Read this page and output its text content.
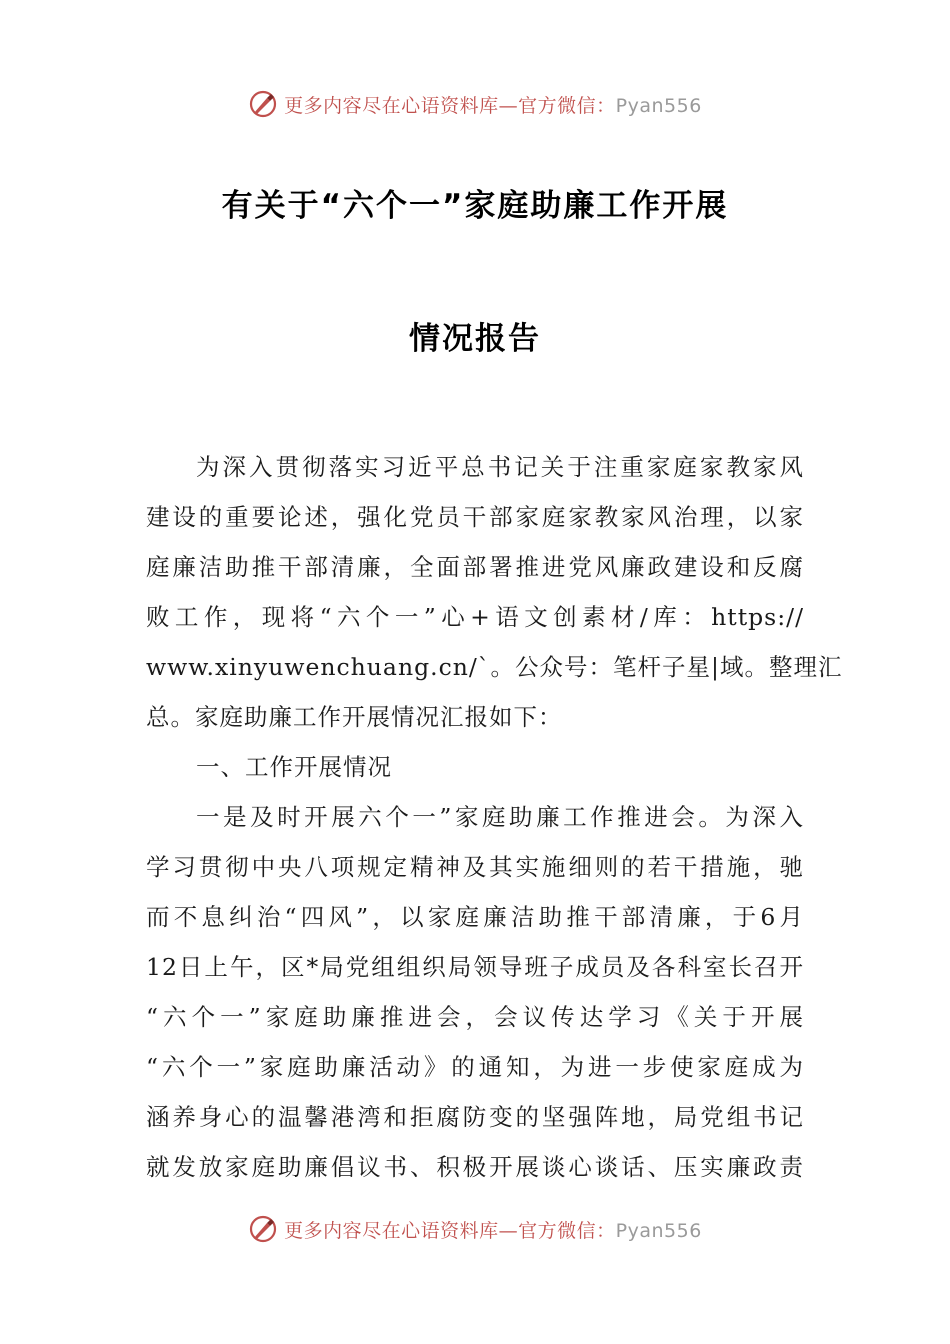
更多内容尽在心语资料库—官方微信：Pyan556
有关于“六个一”家庭助廉工作开展
情况报告
为深入贯彻落实习近平总书记关于注重家庭家教家风
建设的重要论述，强化党员干部家庭家教家风治理，以家
庭廉洁助推干部清廉，全面部署推进党风廉政建设和反腐
败工作，现将“六个一”心+语文创素材/库：https://
www.xinyuwenchuang.cn/`。公众号：笔杆子星|域。整理汇
总。家庭助廉工作开展情况汇报如下：
一、工作开展情况
一是及时开展六个一”家庭助廉工作推进会。为深入
学习贯彻中央八项规定精神及其实施细则的若干措施，驰
而不息纠治“四风”，以家庭廉洁助推干部清廉，于6月
12日上午，区*局党组组织局领导班子成员及各科室长召开
“六个一”家庭助廉推进会，会议传达学习《关于开展
“六个一”家庭助廉活动》的通知，为进一步使家庭成为
涵养身心的温馨港湾和拒腐防变的坚强阵地，局党组书记
就发放家庭助廉倡议书、积极开展谈心谈话、压实廉政责
更多内容尽在心语资料库—官方微信：Pyan556
